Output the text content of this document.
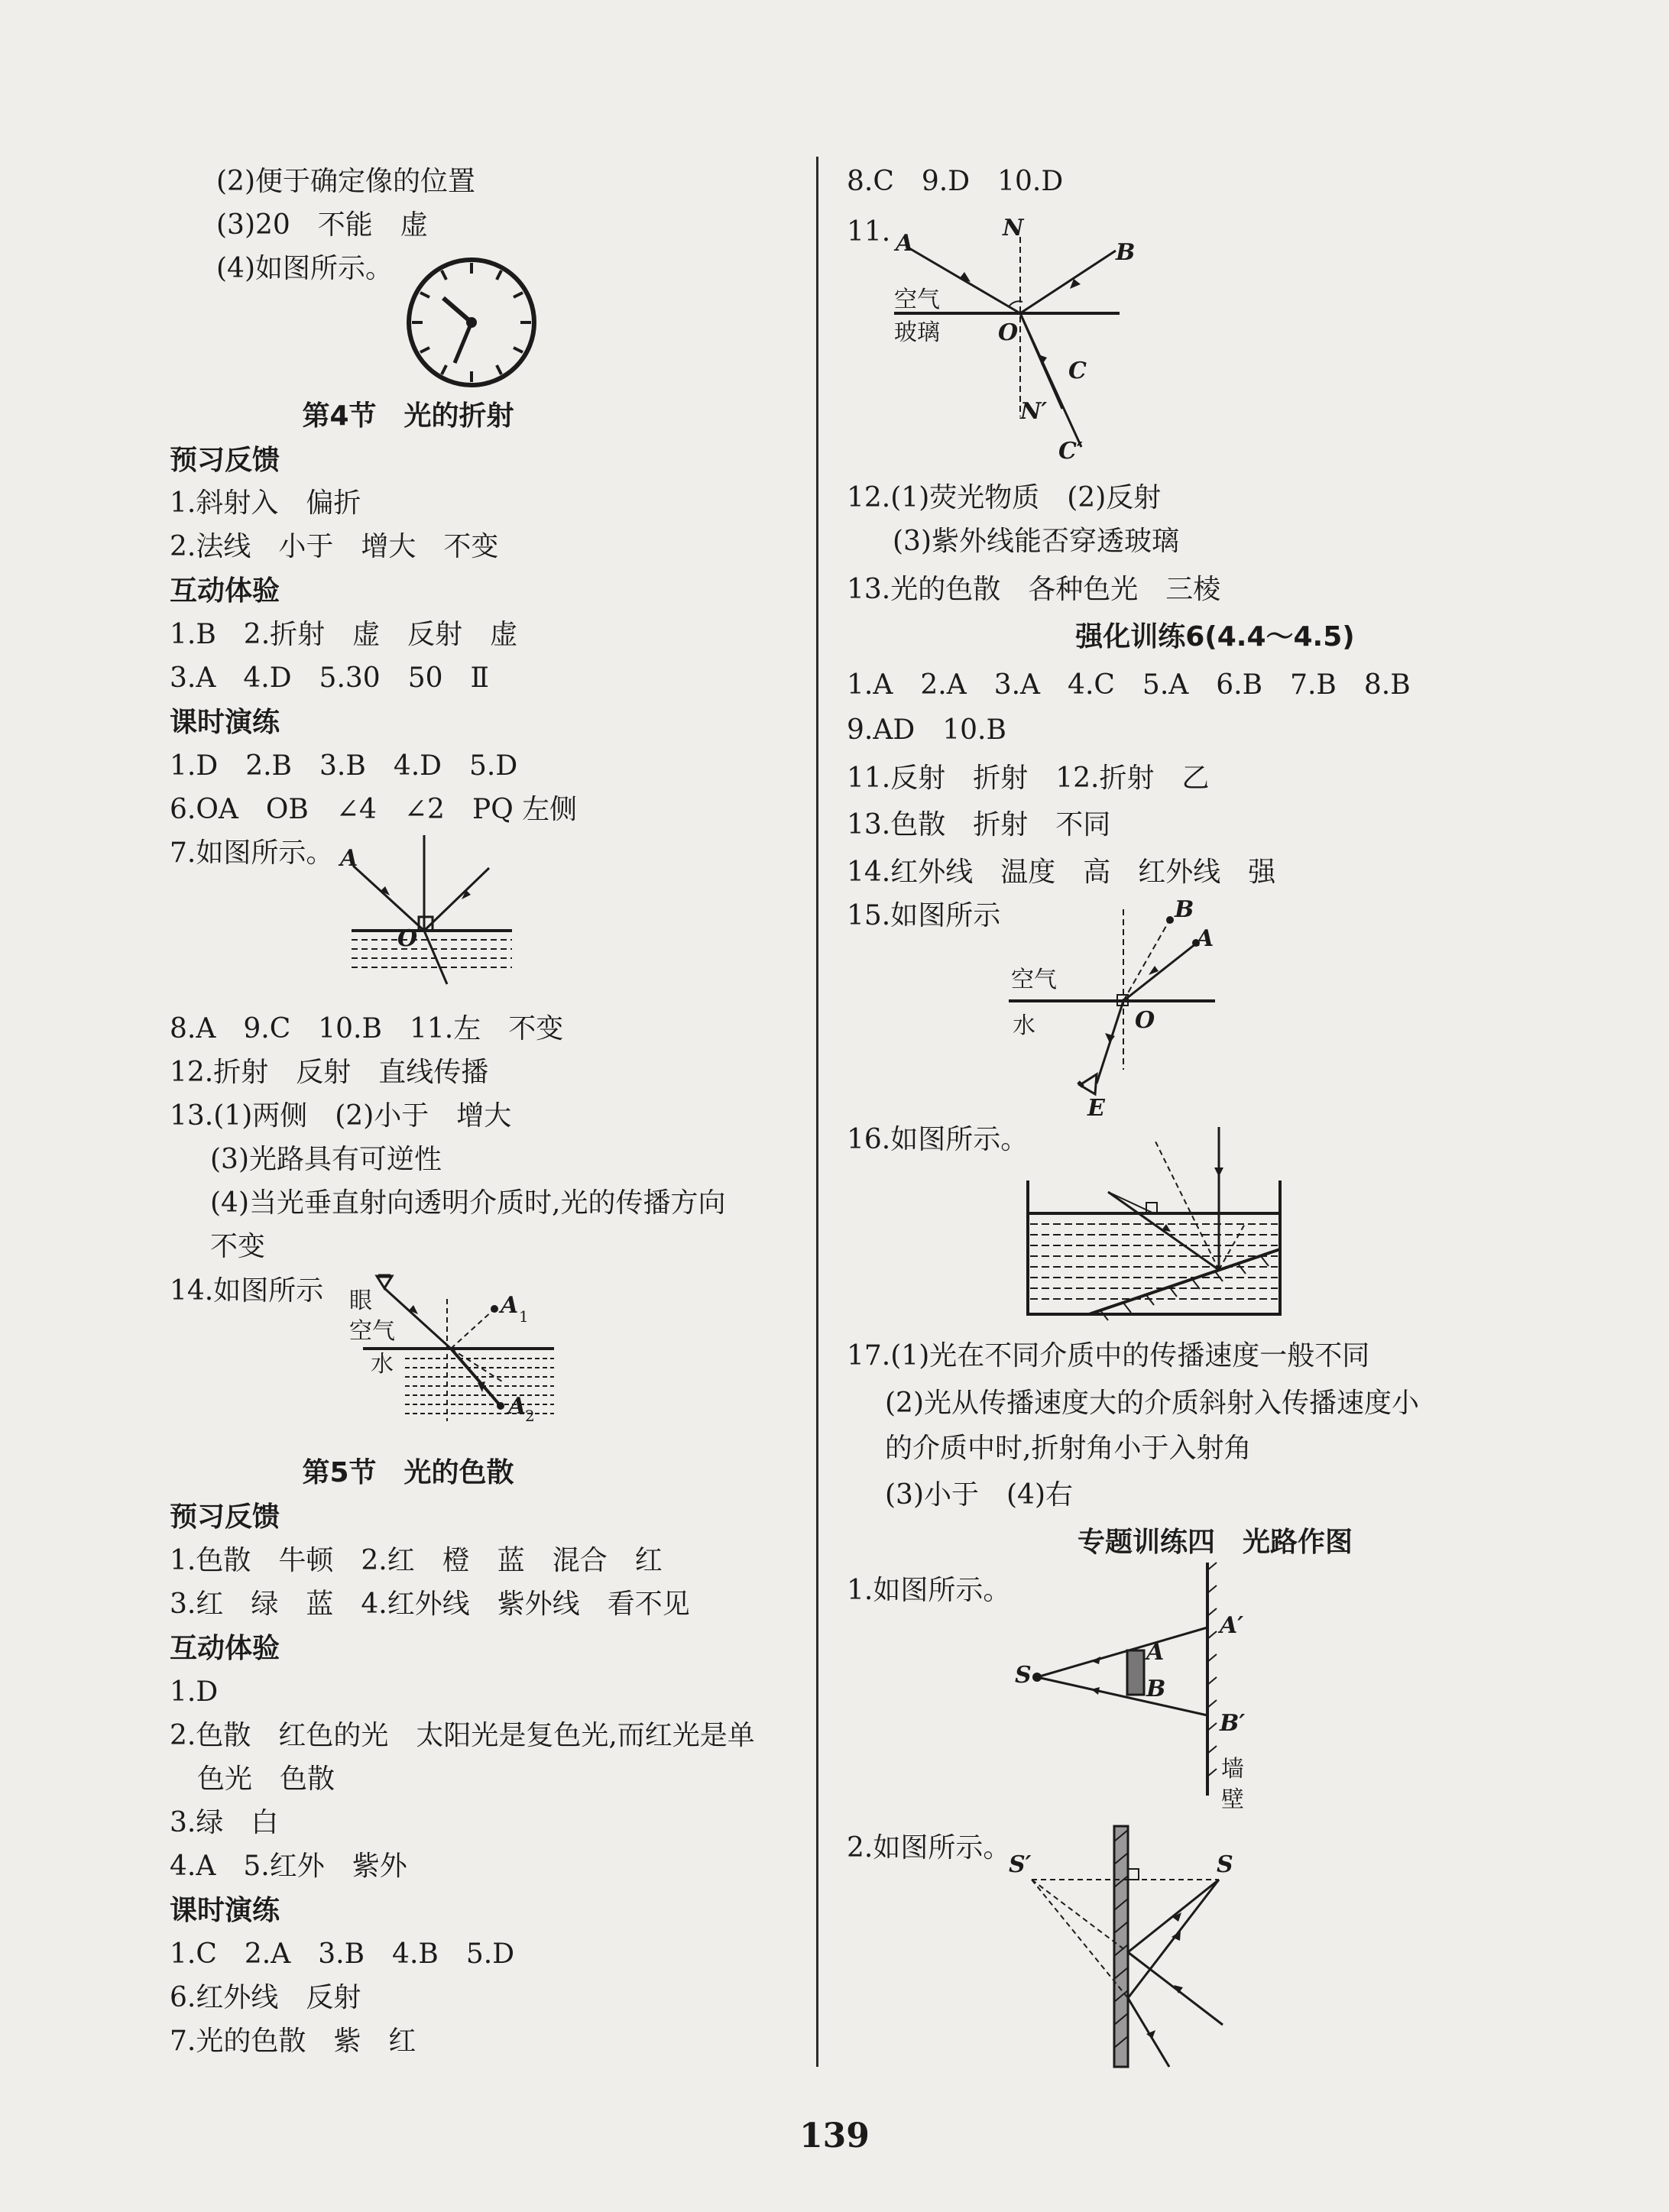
(2)便于确定像的位置
(3)20　不能　虚
(4)如图所示。
第4节　光的折射
预习反馈
1.斜射入　偏折
2.法线　小于　增大　不变
互动体验
1.B　2.折射　虚　反射　虚
3.A　4.D　5.30　50　Ⅱ
课时演练
1.D　2.B　3.B　4.D　5.D
6.OA　OB　∠4　∠2　PQ 左侧
7.如图所示。 A
O
8.A　9.C　10.B　11.左　不变
12.折射　反射　直线传播
13.(1)两侧　(2)小于　增大
(3)光路具有可逆性
(4)当光垂直射向透明介质时,光的传播方向
不变
14.如图所示 眼
空气
水
A 1
A
2
第5节　光的色散
预习反馈
1.色散　牛顿　2.红　橙　蓝　混合　红
3.红　绿　蓝　4.红外线　紫外线　看不见
互动体验
1.D
2.色散　红色的光　太阳光是复色光,而红光是单
色光　色散
3.绿　白
4.A　5.红外　紫外
课时演练
1.C　2.A　3.B　4.B　5.D
6.红外线　反射
7.光的色散　紫　红
8.C　9.D　10.D
11.	N
A	B
空气
玻璃	O
C
N′
C′
12.(1)荧光物质　(2)反射
(3)紫外线能否穿透玻璃
13.光的色散　各种色光　三棱
强化训练6(4.4～4.5)
1.A　2.A　3.A　4.C　5.A　6.B　7.B　8.B
9.AD　10.B
11.反射　折射　12.折射　乙
13.色散　折射　不同
14.红外线　温度　高　红外线　强
15.如图所示	B
A
空气
水	O
E
16.如图所示。
17.(1)光在不同介质中的传播速度一般不同
(2)光从传播速度大的介质斜射入传播速度小
的介质中时,折射角小于入射角
(3)小于　(4)右
专题训练四　光路作图
1.如图所示。
S
A
B
A′
B′
墙
壁
2.如图所示。
S′	S
139
